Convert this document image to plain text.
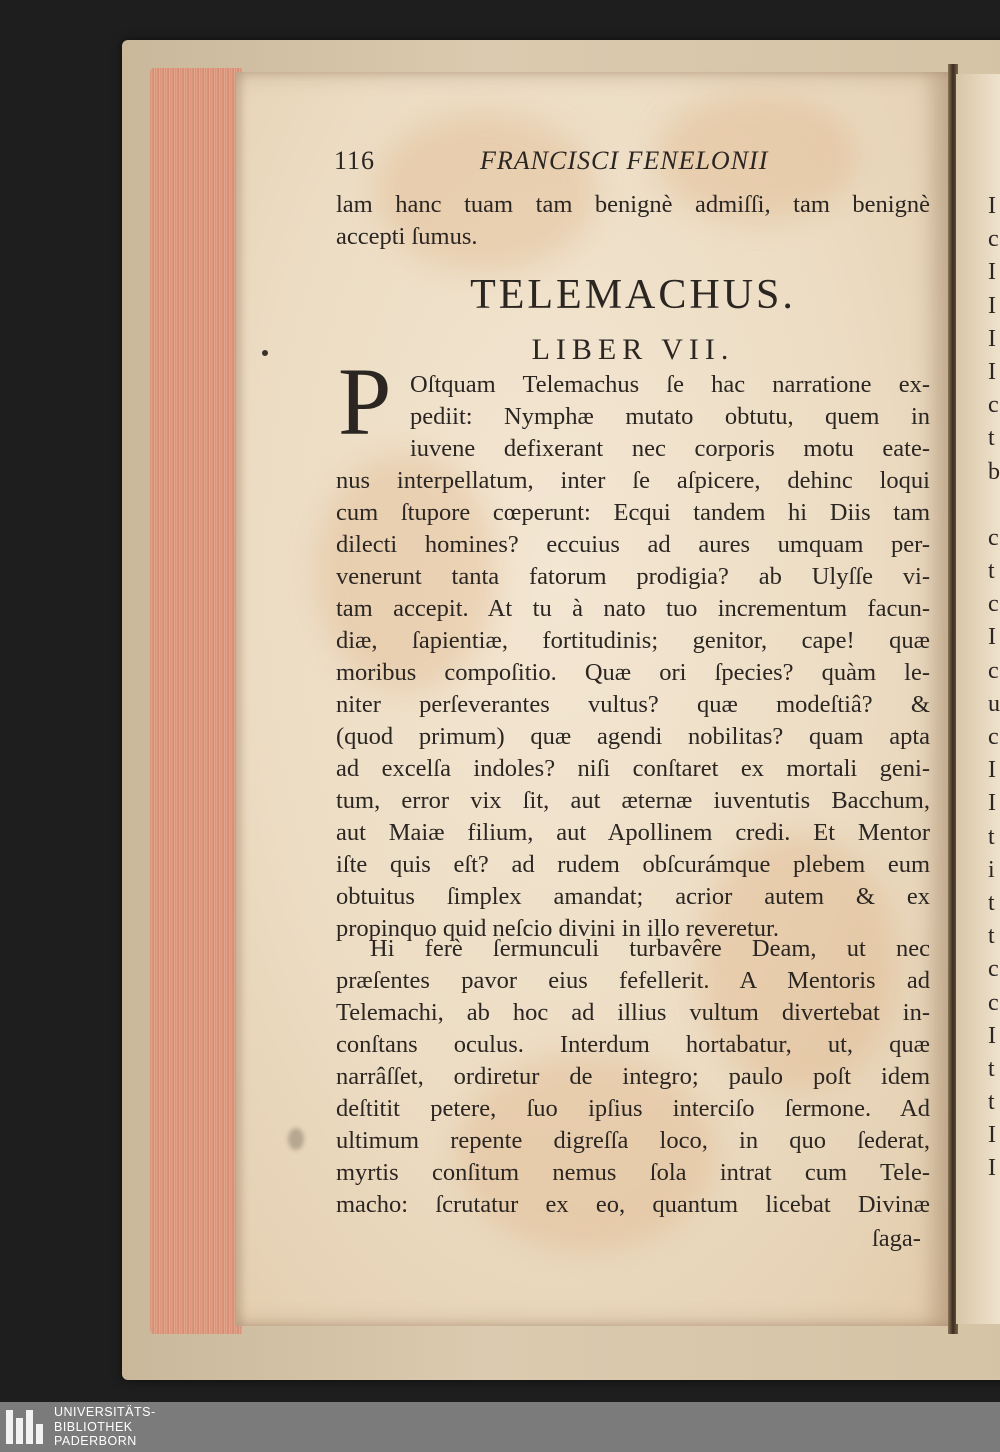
I
c
I
I
I
I
c
t
b
c
t
c
I
c
u
c
I
I
t
i
t
t
c
c
I
t
t
I
I
116	FRANCISCI FENELONII
lam hanc tuam tam benignè admiſſi, tam benignè
accepti ſumus.
TELEMACHUS.
LIBER VII.
P Oſtquam Telemachus ſe hac narratione ex-
pediit: Nymphæ mutato obtutu, quem in
iuvene defixerant nec corporis motu eate-
nus interpellatum, inter ſe aſpicere, dehinc loqui
cum ſtupore cœperunt: Ecqui tandem hi Diis tam
dilecti homines? eccuius ad aures umquam per-
venerunt tanta fatorum prodigia? ab Ulyſſe vi-
tam accepit. At tu à nato tuo incrementum facun-
diæ, ſapientiæ, fortitudinis; genitor, cape! quæ
moribus compoſitio. Quæ ori ſpecies? quàm le-
niter perſeverantes vultus? quæ modeſtiâ? &
(quod primum) quæ agendi nobilitas? quam apta
ad excelſa indoles? niſi conſtaret ex mortali geni-
tum, error vix ſit, aut æternæ iuventutis Bacchum,
aut Maiæ filium, aut Apollinem credi. Et Mentor
iſte quis eſt? ad rudem obſcurámque plebem eum
obtuitus ſimplex amandat; acrior autem & ex
propinquo quid neſcio divini in illo reveretur.
Hi ferè ſermunculi turbavêre Deam, ut nec
præſentes pavor eius fefellerit. A Mentoris ad
Telemachi, ab hoc ad illius vultum divertebat in-
conſtans oculus. Interdum hortabatur, ut, quæ
narrâſſet, ordiretur de integro; paulo poſt idem
deſtitit petere, ſuo ipſius interciſo ſermone. Ad
ultimum repente digreſſa loco, in quo ſederat,
myrtis conſitum nemus ſola intrat cum Tele-
macho: ſcrutatur ex eo, quantum licebat Divinæ
ſaga-
UNIVERSITÄTS-
BIBLIOTHEK
PADERBORN
